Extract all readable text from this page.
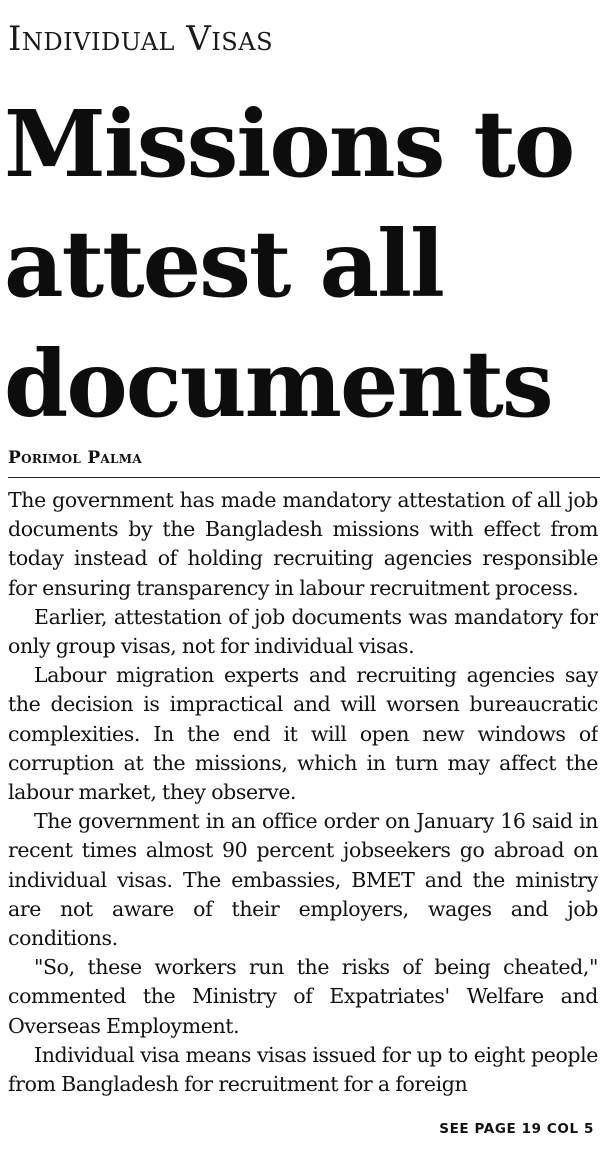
Individual Visas
Missions to attest all documents
Porimol Palma

The government has made mandatory attestation of all job documents by the Bangladesh missions with effect from today instead of holding recruiting agencies responsible for ensuring transparency in labour recruitment process.

Earlier, attestation of job documents was mandatory for only group visas, not for individual visas.

Labour migration experts and recruiting agencies say the decision is impractical and will worsen bureaucratic complexities. In the end it will open new windows of corruption at the missions, which in turn may affect the labour market, they observe.

The government in an office order on January 16 said in recent times almost 90 percent jobseekers go abroad on individual visas. The embassies, BMET and the ministry are not aware of their employers, wages and job conditions.

"So, these workers run the risks of being cheated," commented the Ministry of Expatriates' Welfare and Overseas Employment.

Individual visa means visas issued for up to eight people from Bangladesh for recruitment for a foreign

SEE PAGE 19 COL 5
